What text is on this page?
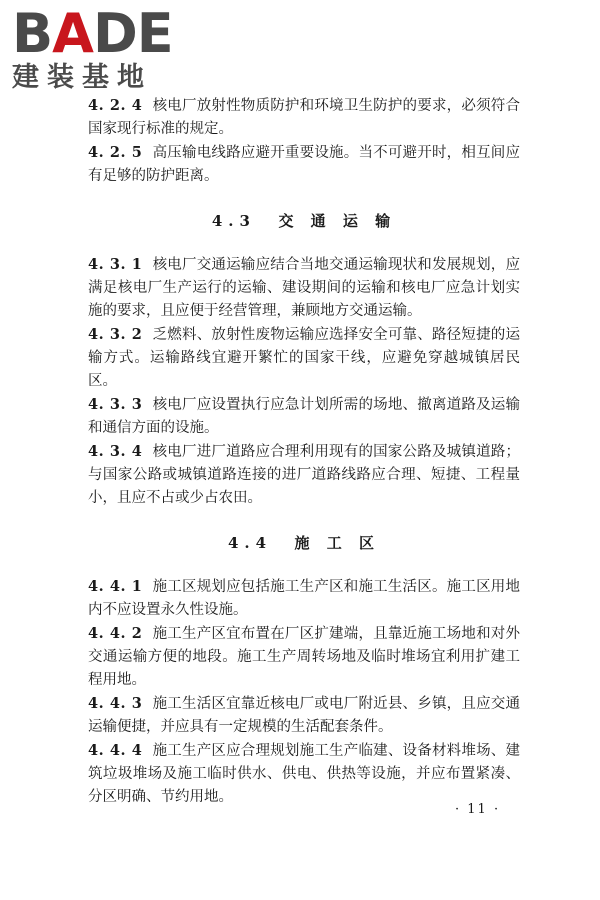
BADE
建装基地

4. 2. 4 核电厂放射性物质防护和环境卫生防护的要求，必须符合国家现行标准的规定。

4. 2. 5 高压输电线路应避开重要设施。当不可避开时，相互间应有足够的防护距离。

4.3 交 通 运 输

4. 3. 1 核电厂交通运输应结合当地交通运输现状和发展规划，应满足核电厂生产运行的运输、建设期间的运输和核电厂应急计划实施的要求，且应便于经营管理，兼顾地方交通运输。

4. 3. 2 乏燃料、放射性废物运输应选择安全可靠、路径短捷的运输方式。运输路线宜避开繁忙的国家干线，应避免穿越城镇居民区。

4. 3. 3 核电厂应设置执行应急计划所需的场地、撤离道路及运输和通信方面的设施。

4. 3. 4 核电厂进厂道路应合理利用现有的国家公路及城镇道路；与国家公路或城镇道路连接的进厂道路线路应合理、短捷、工程量小，且应不占或少占农田。

4.4 施 工 区

4. 4. 1 施工区规划应包括施工生产区和施工生活区。施工区用地内不应设置永久性设施。

4. 4. 2 施工生产区宜布置在厂区扩建端，且靠近施工场地和对外交通运输方便的地段。施工生产周转场地及临时堆场宜利用扩建工程用地。

4. 4. 3 施工生活区宜靠近核电厂或电厂附近县、乡镇，且应交通运输便捷，并应具有一定规模的生活配套条件。

4. 4. 4 施工生产区应合理规划施工生产临建、设备材料堆场、建筑垃圾堆场及施工临时供水、供电、供热等设施，并应布置紧凑、分区明确、节约用地。

· 11 ·
